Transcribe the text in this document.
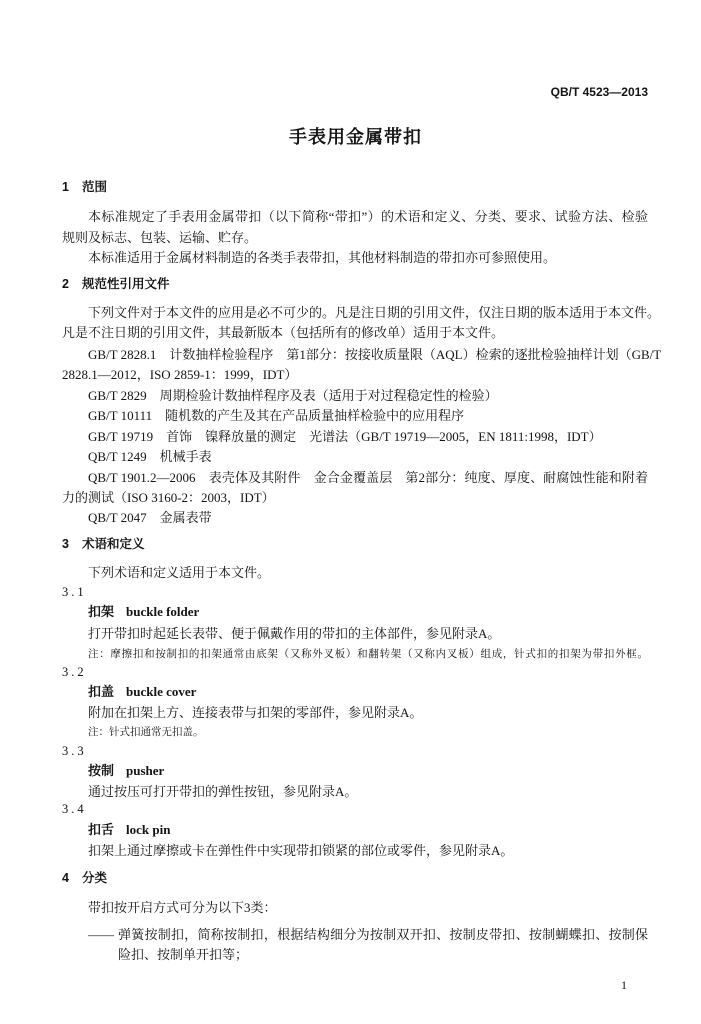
QB/T 4523—2013
手表用金属带扣
1 范围
本标准规定了手表用金属带扣（以下简称“带扣”）的术语和定义、分类、要求、试验方法、检验
规则及标志、包装、运输、贮存。
本标准适用于金属材料制造的各类手表带扣，其他材料制造的带扣亦可参照使用。
2 规范性引用文件
下列文件对于本文件的应用是必不可少的。凡是注日期的引用文件，仅注日期的版本适用于本文件。
凡是不注日期的引用文件，其最新版本（包括所有的修改单）适用于本文件。
GB/T 2828.1　计数抽样检验程序　第1部分：按接收质量限（AQL）检索的逐批检验抽样计划（GB/T
2828.1—2012，ISO 2859-1：1999，IDT）
GB/T 2829　周期检验计数抽样程序及表（适用于对过程稳定性的检验）
GB/T 10111　随机数的产生及其在产品质量抽样检验中的应用程序
GB/T 19719　首饰　镍释放量的测定　光谱法（GB/T 19719—2005，EN 1811:1998，IDT）
QB/T 1249　机械手表
QB/T 1901.2—2006　表壳体及其附件　金合金覆盖层　第2部分：纯度、厚度、耐腐蚀性能和附着
力的测试（ISO 3160-2：2003，IDT）
QB/T 2047　金属表带
3 术语和定义
下列术语和定义适用于本文件。
3.1
扣架 buckle folder
打开带扣时起延长表带、便于佩戴作用的带扣的主体部件，参见附录A。
注：摩擦扣和按制扣的扣架通常由底架（又称外叉板）和翻转架（又称内叉板）组成，针式扣的扣架为带扣外框。
3.2
扣盖 buckle cover
附加在扣架上方、连接表带与扣架的零部件，参见附录A。
注：针式扣通常无扣盖。
3.3
按制 pusher
通过按压可打开带扣的弹性按钮，参见附录A。
3.4
扣舌 lock pin
扣架上通过摩擦或卡在弹性件中实现带扣锁紧的部位或零件，参见附录A。
4 分类
带扣按开启方式可分为以下3类：
—— 弹簧按制扣，简称按制扣，根据结构细分为按制双开扣、按制皮带扣、按制蝴蝶扣、按制保
险扣、按制单开扣等；
1
